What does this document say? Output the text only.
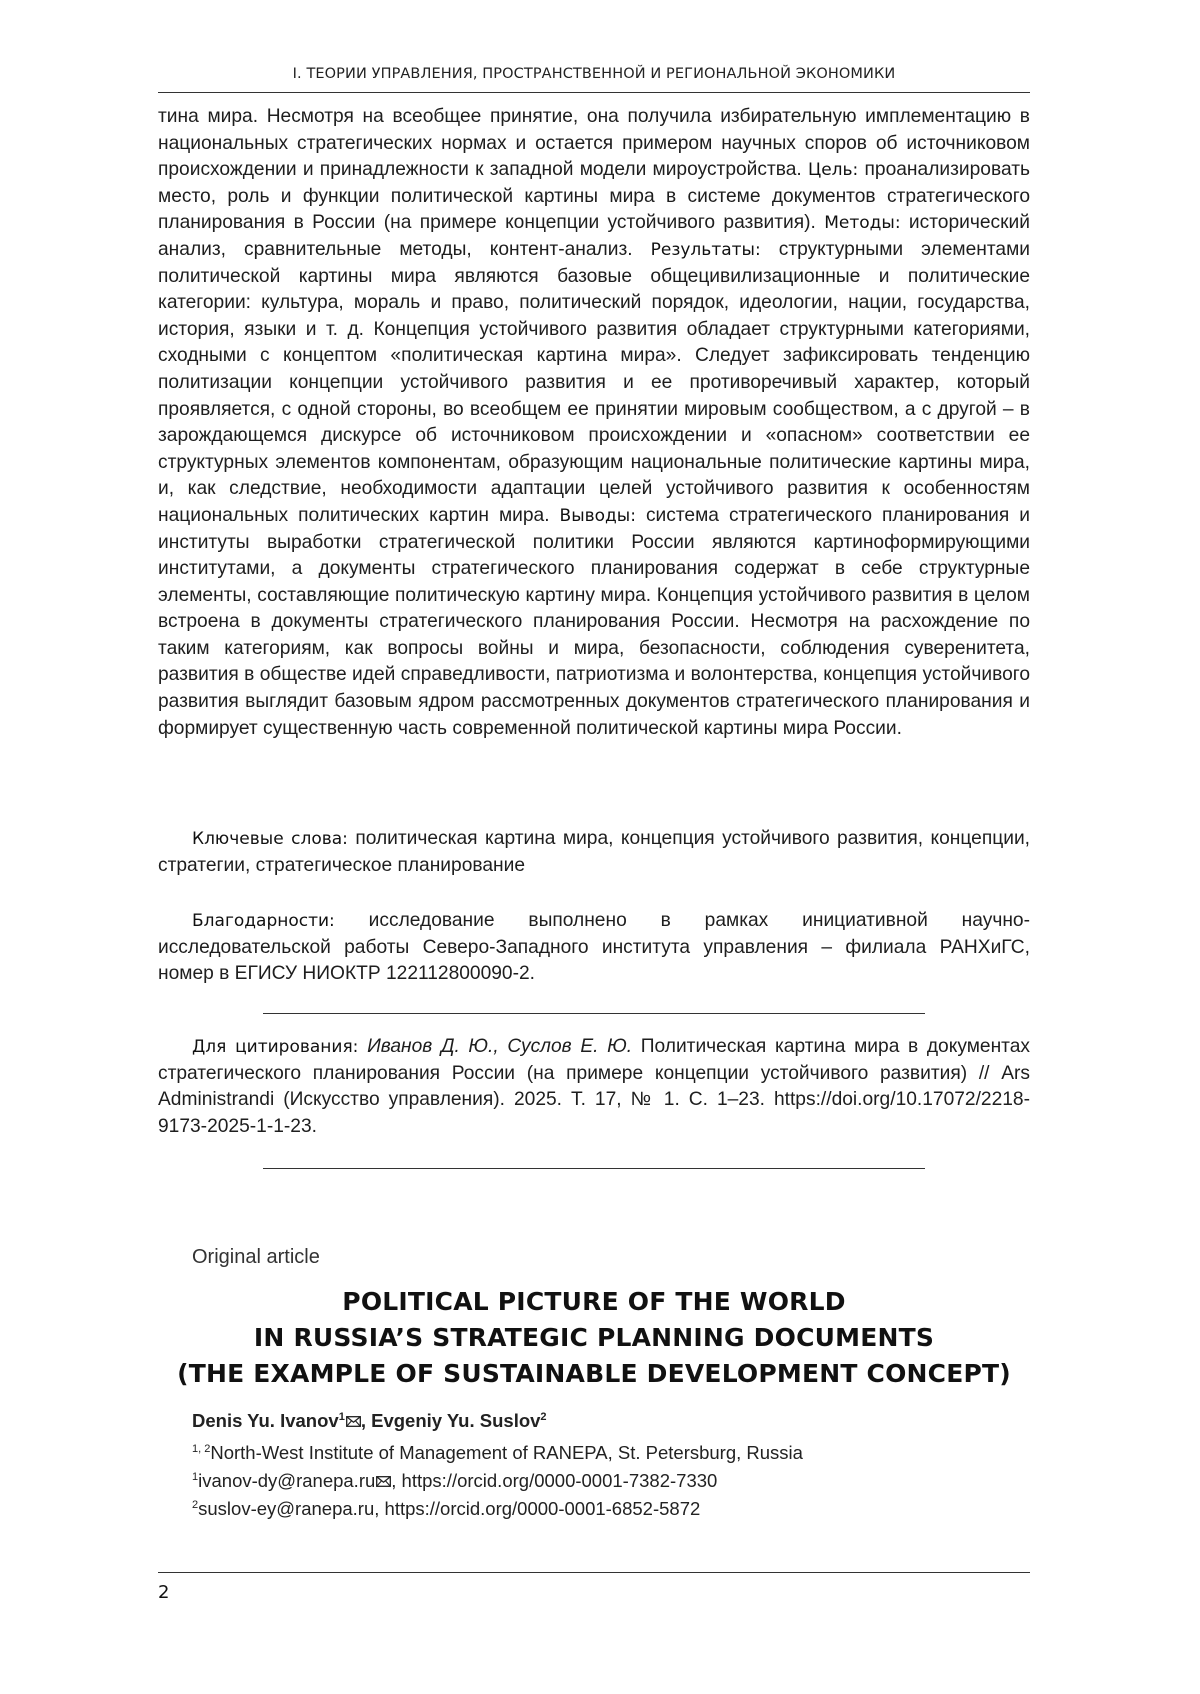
I. ТЕОРИИ УПРАВЛЕНИЯ, ПРОСТРАНСТВЕННОЙ И РЕГИОНАЛЬНОЙ ЭКОНОМИКИ
тина мира. Несмотря на всеобщее принятие, она получила избирательную имплементацию в национальных стратегических нормах и остается примером научных споров об источниковом происхождении и принадлежности к западной модели мироустройства. Цель: проанализировать место, роль и функции политической картины мира в системе документов стратегического планирования в России (на примере концепции устойчивого развития). Методы: исторический анализ, сравнительные методы, контент-анализ. Результаты: структурными элементами политической картины мира являются базовые общецивилизационные и политические категории: культура, мораль и право, политический порядок, идеологии, нации, государства, история, языки и т. д. Концепция устойчивого развития обладает структурными категориями, сходными с концептом «политическая картина мира». Следует зафиксировать тенденцию политизации концепции устойчивого развития и ее противоречивый характер, который проявляется, с одной стороны, во всеобщем ее принятии мировым сообществом, а с другой – в зарождающемся дискурсе об источниковом происхождении и «опасном» соответствии ее структурных элементов компонентам, образующим национальные политические картины мира, и, как следствие, необходимости адаптации целей устойчивого развития к особенностям национальных политических картин мира. Выводы: система стратегического планирования и институты выработки стратегической политики России являются картиноформирующими институтами, а документы стратегического планирования содержат в себе структурные элементы, составляющие политическую картину мира. Концепция устойчивого развития в целом встроена в документы стратегического планирования России. Несмотря на расхождение по таким категориям, как вопросы войны и мира, безопасности, соблюдения суверенитета, развития в обществе идей справедливости, патриотизма и волонтерства, концепция устойчивого развития выглядит базовым ядром рассмотренных документов стратегического планирования и формирует существенную часть современной политической картины мира России.
Ключевые слова: политическая картина мира, концепция устойчивого развития, концепции, стратегии, стратегическое планирование
Благодарности: исследование выполнено в рамках инициативной научно-исследовательской работы Северо-Западного института управления – филиала РАНХиГС, номер в ЕГИСУ НИОКТР 122112800090-2.
Для цитирования: Иванов Д. Ю., Суслов Е. Ю. Политическая картина мира в документах стратегического планирования России (на примере концепции устойчивого развития) // Ars Administrandi (Искусство управления). 2025. Т. 17, № 1. С. 1–23. https://doi.org/10.17072/2218-9173-2025-1-1-23.
Original article
POLITICAL PICTURE OF THE WORLD
IN RUSSIA’S STRATEGIC PLANNING DOCUMENTS
(THE EXAMPLE OF SUSTAINABLE DEVELOPMENT CONCEPT)
Denis Yu. Ivanov$^1$ , Evgeniy Yu. Suslov$^2$
$^{1, 2}$North-West Institute of Management of RANEPA, St. Petersburg, Russia
$^1$ivanov-dy@ranepa.ru , https://orcid.org/0000-0001-7382-7330
$^2$suslov-ey@ranepa.ru, https://orcid.org/0000-0001-6852-5872
2
